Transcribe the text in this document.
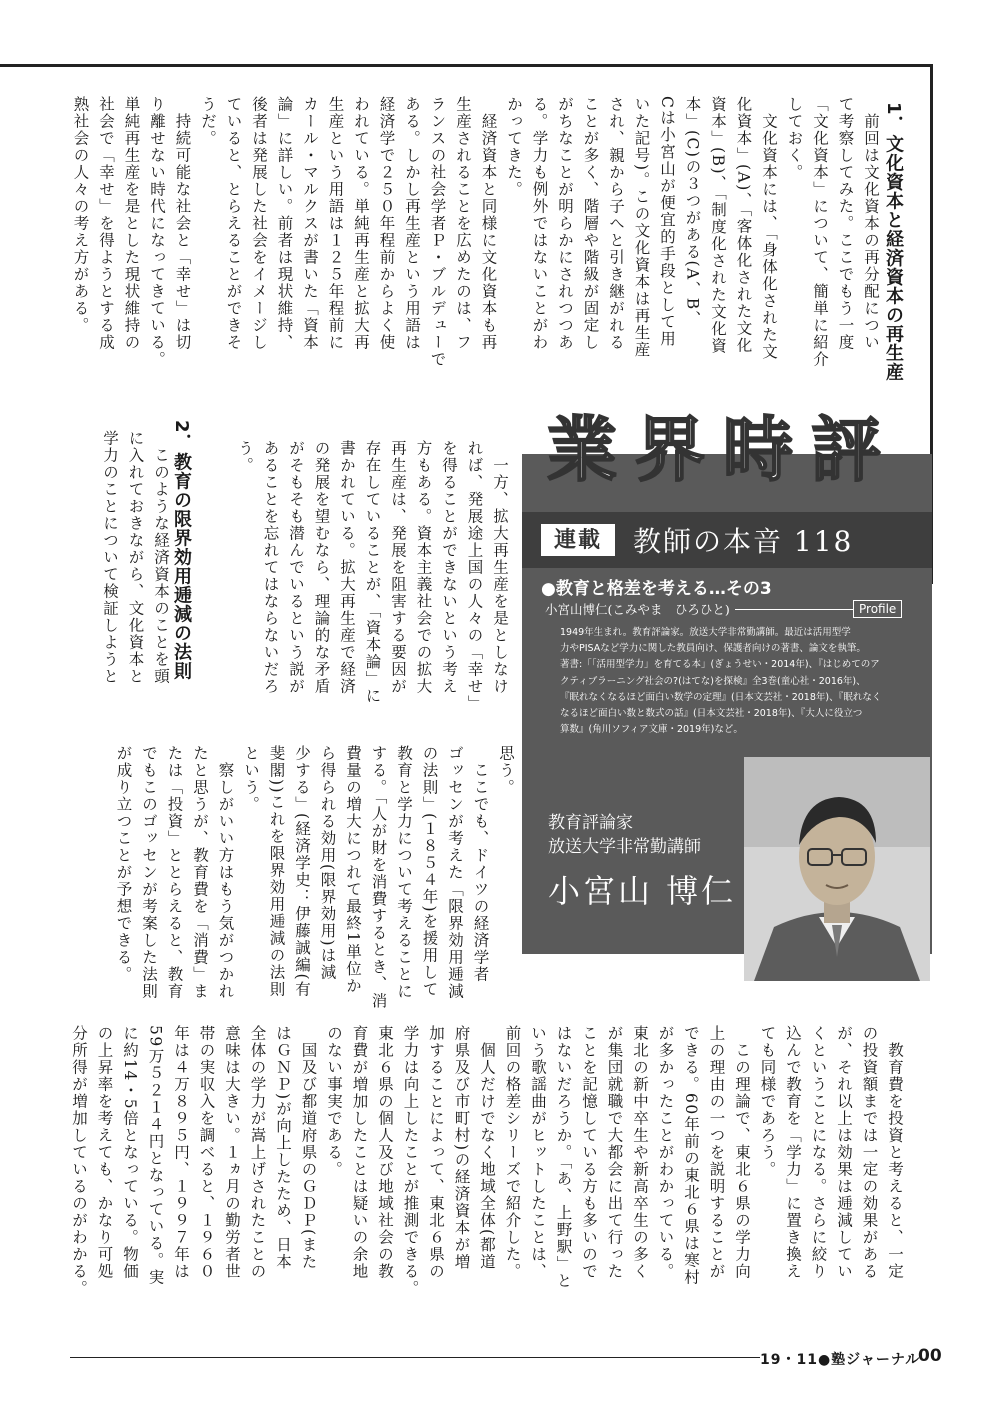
1．文化資本と経済資本の再生産
　前回は文化資本の再分配につい
て考察してみた。ここでもう一度
「文化資本」について、簡単に紹介
しておく。
　文化資本には、「身体化された文
化資本」(A)、「客体化された文化
資本」(B)、「制度化された文化資
本」(C)の３つがある(A、B、
Cは小宮山が便宜的手段として用
いた記号)。この文化資本は再生産
され、親から子へと引き継がれる
ことが多く、階層や階級が固定し
がちなことが明らかにされつつあ
る。学力も例外ではないことがわ
かってきた。
　経済資本と同様に文化資本も再
生産されることを広めたのは、フ
ランスの社会学者Ｐ・ブルデューで
ある。しかし再生産という用語は
経済学で２５０年程前からよく使
われている。単純再生産と拡大再
生産という用語は１２５年程前に
カール・マルクスが書いた「資本
論」に詳しい。前者は現状維持、
後者は発展した社会をイメージし
ていると、とらえることができそ
うだ。
　持続可能な社会と「幸せ」は切
り離せない時代になってきている。
単純再生産を是とした現状維持の
社会で「幸せ」を得ようとする成
熟社会の人々の考え方がある。
　一方、拡大再生産を是としなけ
れば、発展途上国の人々の「幸せ」
を得ることができないという考え
方もある。資本主義社会での拡大
再生産は、発展を阻害する要因が
存在していることが、「資本論」に
書かれている。拡大再生産で経済
の発展を望むなら、理論的な矛盾
がそもそも潜んでいるという説が
あることを忘れてはならないだろ
う。
2．教育の限界効用逓減の法則
　このような経済資本のことを頭
に入れておきながら、文化資本と
学力のことについて検証しようと
思う。
　ここでも、ドイツの経済学者
ゴッセンが考えた「限界効用逓減
の法則」(１８５４年)を援用して
教育と学力について考えることに
する。「人が財を消費するとき、消
費量の増大につれて最終1単位か
ら得られる効用(限界効用)は減
少する」(経済学史：伊藤誠編(有
斐閣))これを限界効用逓減の法則
という。
　察しがいい方はもう気がつかれ
たと思うが、教育費を「消費」ま
たは「投資」ととらえると、教育
でもこのゴッセンが考案した法則
が成り立つことが予想できる。
　教育費を投資と考えると、一定
の投資額までは一定の効果がある
が、それ以上は効果は逓減してい
くということになる。さらに絞り
込んで教育を「学力」に置き換え
ても同様であろう。
　この理論で、東北６県の学力向
上の理由の一つを説明することが
できる。60年前の東北６県は寒村
が多かったことがわかっている。
東北の新中卒生や新高卒生の多く
が集団就職で大都会に出て行った
ことを記憶している方も多いので
はないだろうか。「あ、上野駅」と
いう歌謡曲がヒットしたことは、
前回の格差シリーズで紹介した。
　個人だけでなく地域全体(都道
府県及び市町村)の経済資本が増
加することによって、東北６県の
学力は向上したことが推測できる。
東北６県の個人及び地域社会の教
育費が増加したことは疑いの余地
のない事実である。
　国及び都道府県のＧＤＰ(また
はＧＮＰ)が向上したため、日本
全体の学力が嵩上げされたことの
意味は大きい。１ヵ月の勤労者世
帯の実収入を調べると、１９６０
年は４万８９５円、１９９７年は
59万５２１４円となっている。実
に約14・5倍となっている。物価
の上昇率を考えても、かなり可処
分所得が増加しているのがわかる。
業界時評
連載	教師の本音 118
●教育と格差を考える…その3
小宮山博仁(こみやま　ひろひと)	Profile
1949年生まれ。教育評論家。放送大学非常勤講師。最近は活用型学
力やPISAなど学力に関した教員向け、保護者向けの著書、論文を執筆。
著書:「「活用型学力」を育てる本」(ぎょうせい・2014年)、『はじめてのア
クティブラーニング社会の?(はてな)を探検』全3巻(童心社・2016年)、
『眠れなくなるほど面白い数学の定理』(日本文芸社・2018年)、『眠れなく
なるほど面白い数と数式の話』(日本文芸社・2018年)、『大人に役立つ
算数』(角川ソフィア文庫・2019年)など。
教育評論家
放送大学非常勤講師
小宮山 博仁
19・11●塾ジャーナル
00
